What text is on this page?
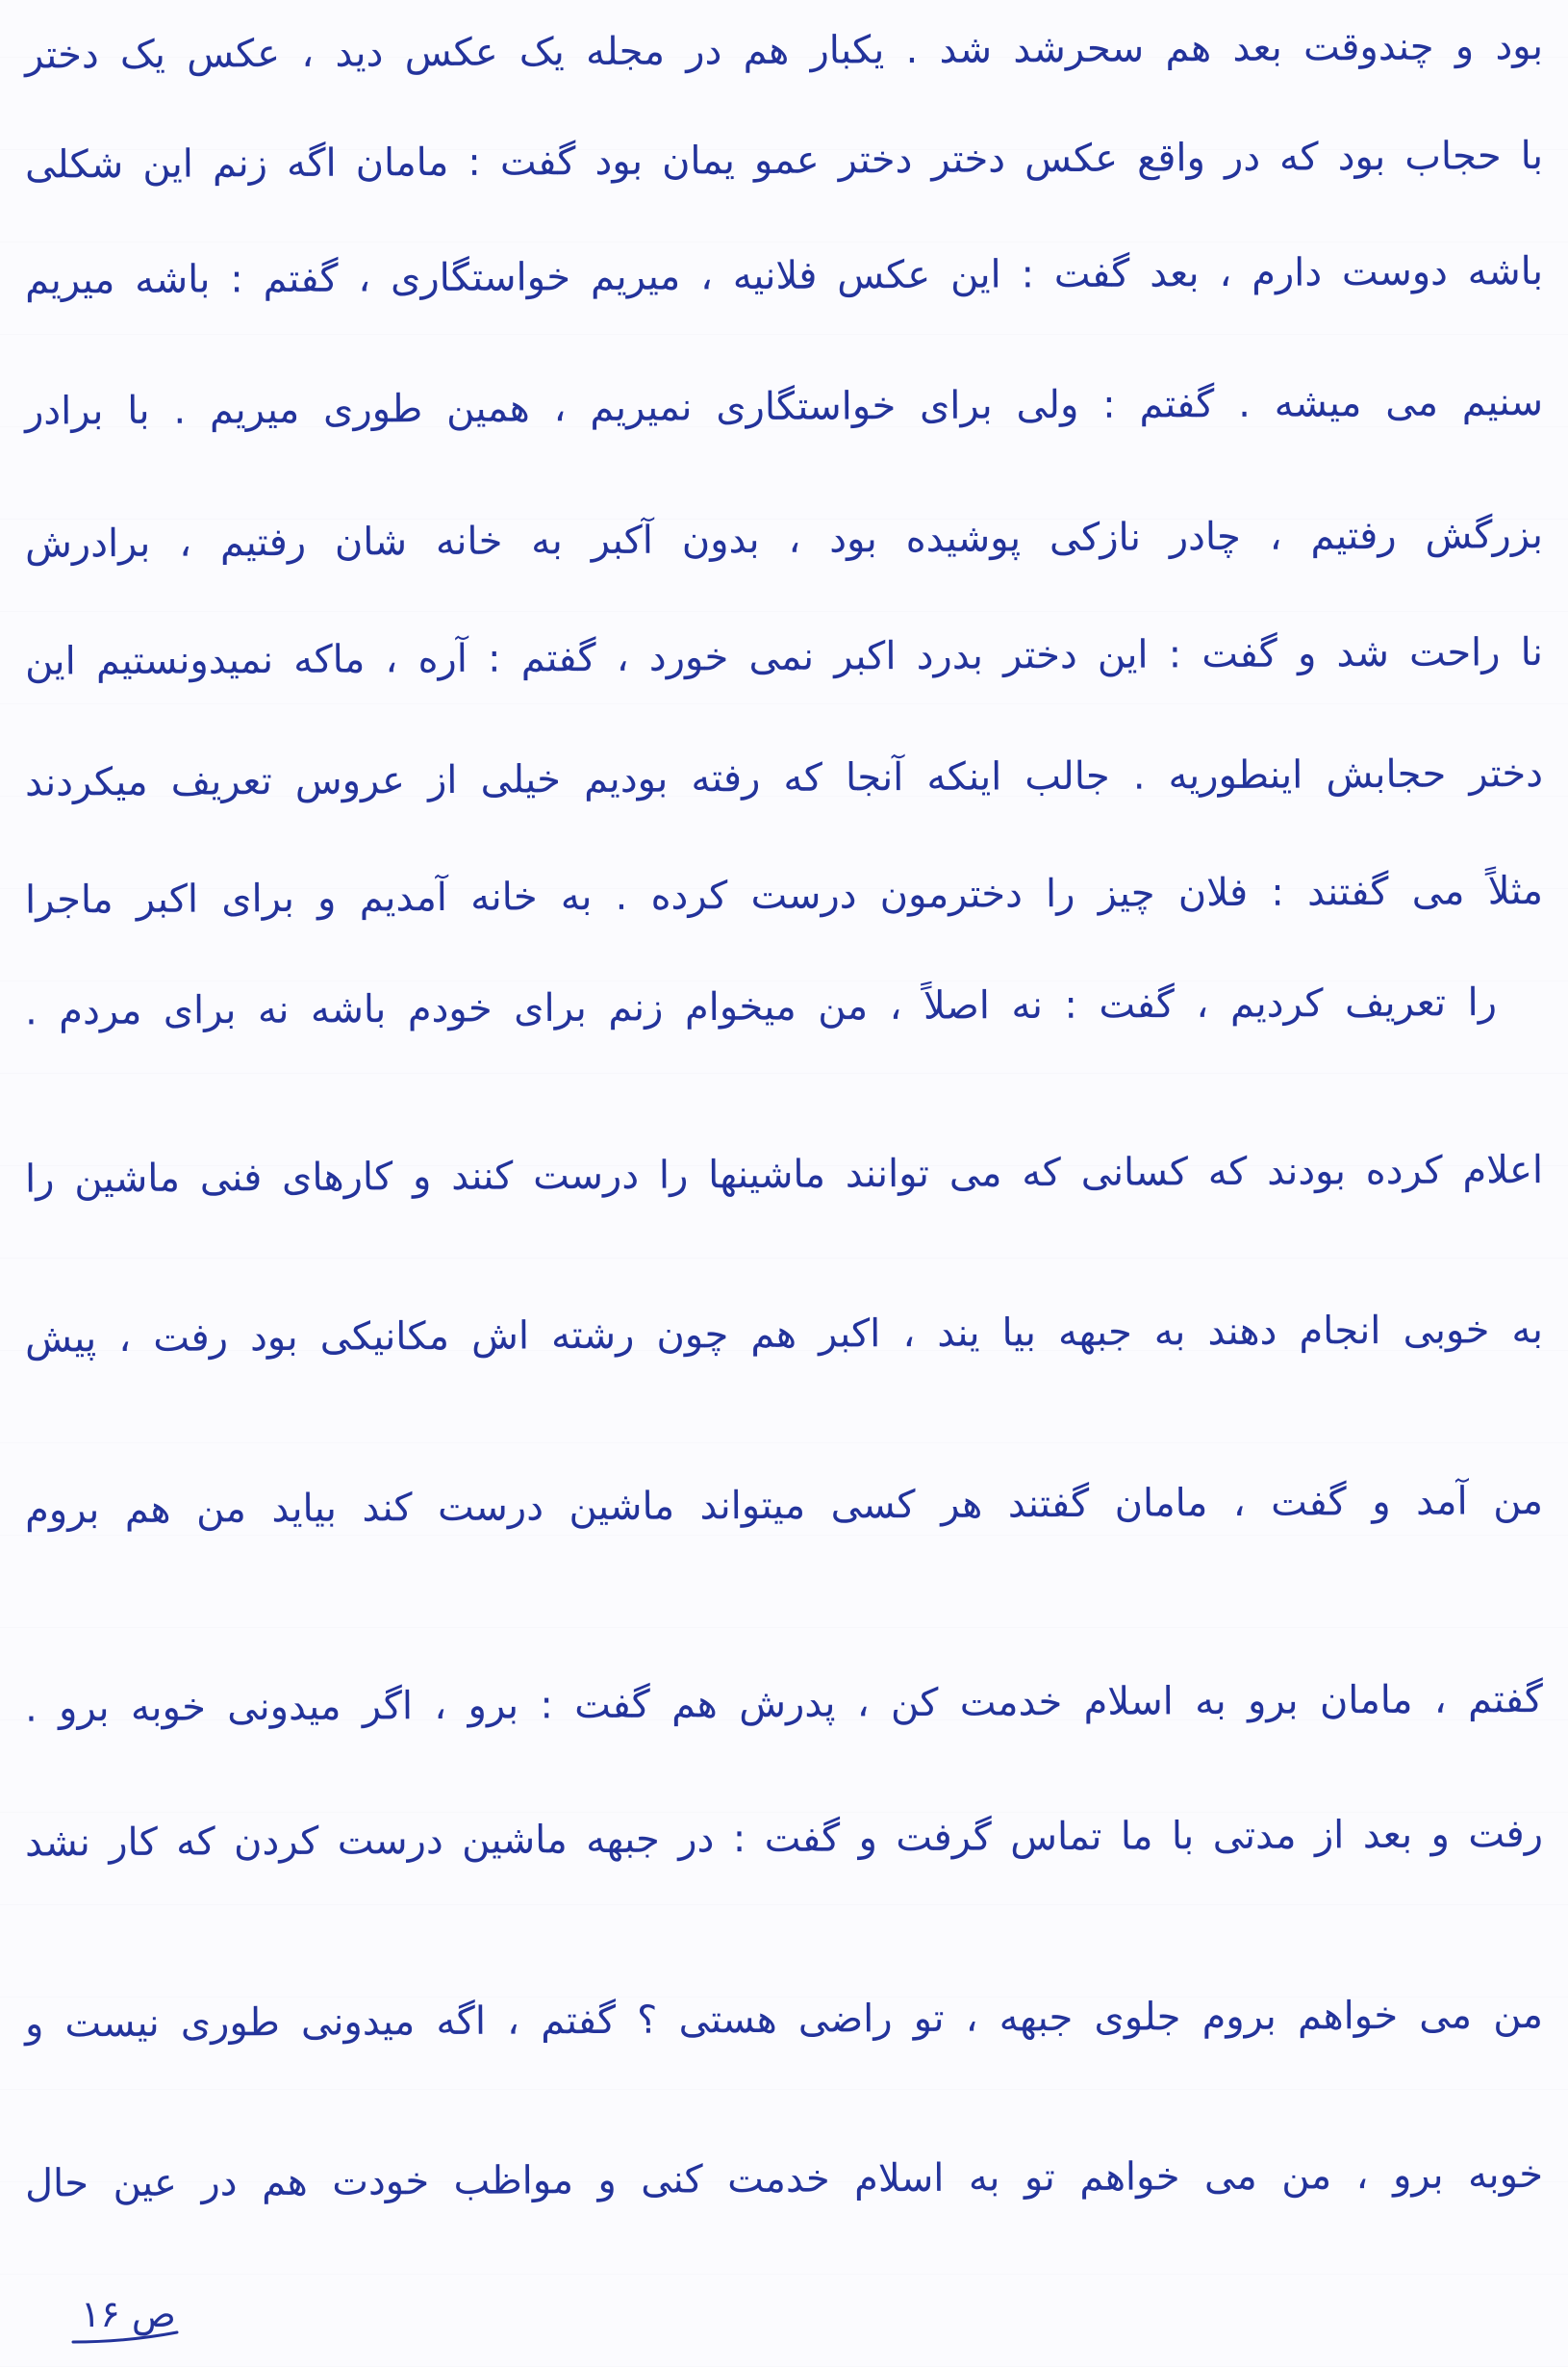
بود و چندوقت بعد هم سحرشد شد . یکبار هم در مجله یک عکس دید ، عکس یک دختر
با حجاب بود که در واقع عکس دختر دختر عمو یمان بود گفت : مامان اگه زنم این شکلی
باشه دوست دارم ، بعد گفت : این عکس فلانیه ، میریم خواستگاری ، گفتم : باشه میریم
سنیم می میشه . گفتم : ولی برای خواستگاری نمیریم ، همین طوری میریم . با برادر
بزرگش رفتیم ، چادر نازکی پوشیده بود ، بدون آکبر به خانه شان رفتیم ، برادرش
نا راحت شد و گفت : این دختر بدرد اکبر نمی خورد ، گفتم : آره ، ماکه نمیدونستیم این
دختر حجابش اینطوریه . جالب اینکه آنجا که رفته بودیم خیلی از عروس تعریف میکردند
مثلاً می گفتند : فلان چیز را دخترمون درست کرده . به خانه آمدیم و برای اکبر ماجرا
را تعریف کردیم ، گفت : نه اصلاً ، من میخوام زنم برای خودم باشه نه برای مردم .
اعلام کرده بودند که کسانی که می توانند ماشینها را درست کنند و کارهای فنی ماشین را
به خوبی انجام دهند به جبهه بیا یند ، اکبر هم چون رشته اش مکانیکی بود رفت ، پیش
من آمد و گفت ، مامان گفتند هر کسی میتواند ماشین درست کند بیاید من هم بروم
گفتم ، مامان برو به اسلام خدمت کن ، پدرش هم گفت : برو ، اگر میدونی خوبه برو .
رفت و بعد از مدتی با ما تماس گرفت و گفت : در جبهه ماشین درست کردن که کار نشد
من می خواهم بروم جلوی جبهه ، تو راضی هستی ؟ گفتم ، اگه میدونی طوری نیست و
خوبه برو ، من می خواهم تو به اسلام خدمت کنی و مواظب خودت هم در عین حال
ص ۱۶
